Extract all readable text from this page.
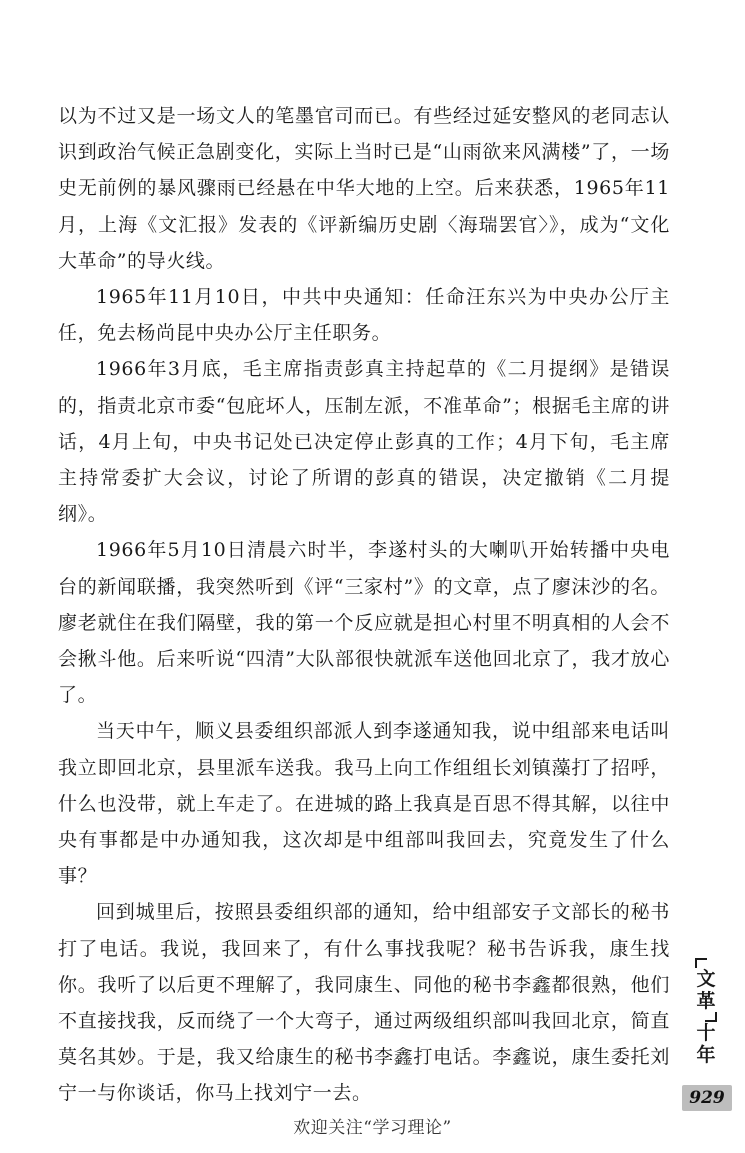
以为不过又是一场文人的笔墨官司而已。有些经过延安整风的老同志认识到政治气候正急剧变化，实际上当时已是“山雨欲来风满楼”了，一场史无前例的暴风骤雨已经悬在中华大地的上空。后来获悉，1965年11月，上海《文汇报》发表的《评新编历史剧〈海瑞罢官〉》，成为“文化大革命”的导火线。

1965年11月10日，中共中央通知：任命汪东兴为中央办公厅主任，免去杨尚昆中央办公厅主任职务。

1966年3月底，毛主席指责彭真主持起草的《二月提纲》是错误的，指责北京市委“包庇坏人，压制左派，不准革命”；根据毛主席的讲话，4月上旬，中央书记处已决定停止彭真的工作；4月下旬，毛主席主持常委扩大会议，讨论了所谓的彭真的错误，决定撤销《二月提纲》。

1966年5月10日清晨六时半，李遂村头的大喇叭开始转播中央电台的新闻联播，我突然听到《评“三家村”》的文章，点了廖沫沙的名。廖老就住在我们隔壁，我的第一个反应就是担心村里不明真相的人会不会揪斗他。后来听说“四清”大队部很快就派车送他回北京了，我才放心了。

当天中午，顺义县委组织部派人到李遂通知我，说中组部来电话叫我立即回北京，县里派车送我。我马上向工作组组长刘镇藻打了招呼，什么也没带，就上车走了。在进城的路上我真是百思不得其解，以往中央有事都是中办通知我，这次却是中组部叫我回去，究竟发生了什么事？

回到城里后，按照县委组织部的通知，给中组部安子文部长的秘书打了电话。我说，我回来了，有什么事找我呢？秘书告诉我，康生找你。我听了以后更不理解了，我同康生、同他的秘书李鑫都很熟，他们不直接找我，反而绕了一个大弯子，通过两级组织部叫我回北京，简直莫名其妙。于是，我又给康生的秘书李鑫打电话。李鑫说，康生委托刘宁一与你谈话，你马上找刘宁一去。

文
革
十
年
929
欢迎关注“学习理论”
